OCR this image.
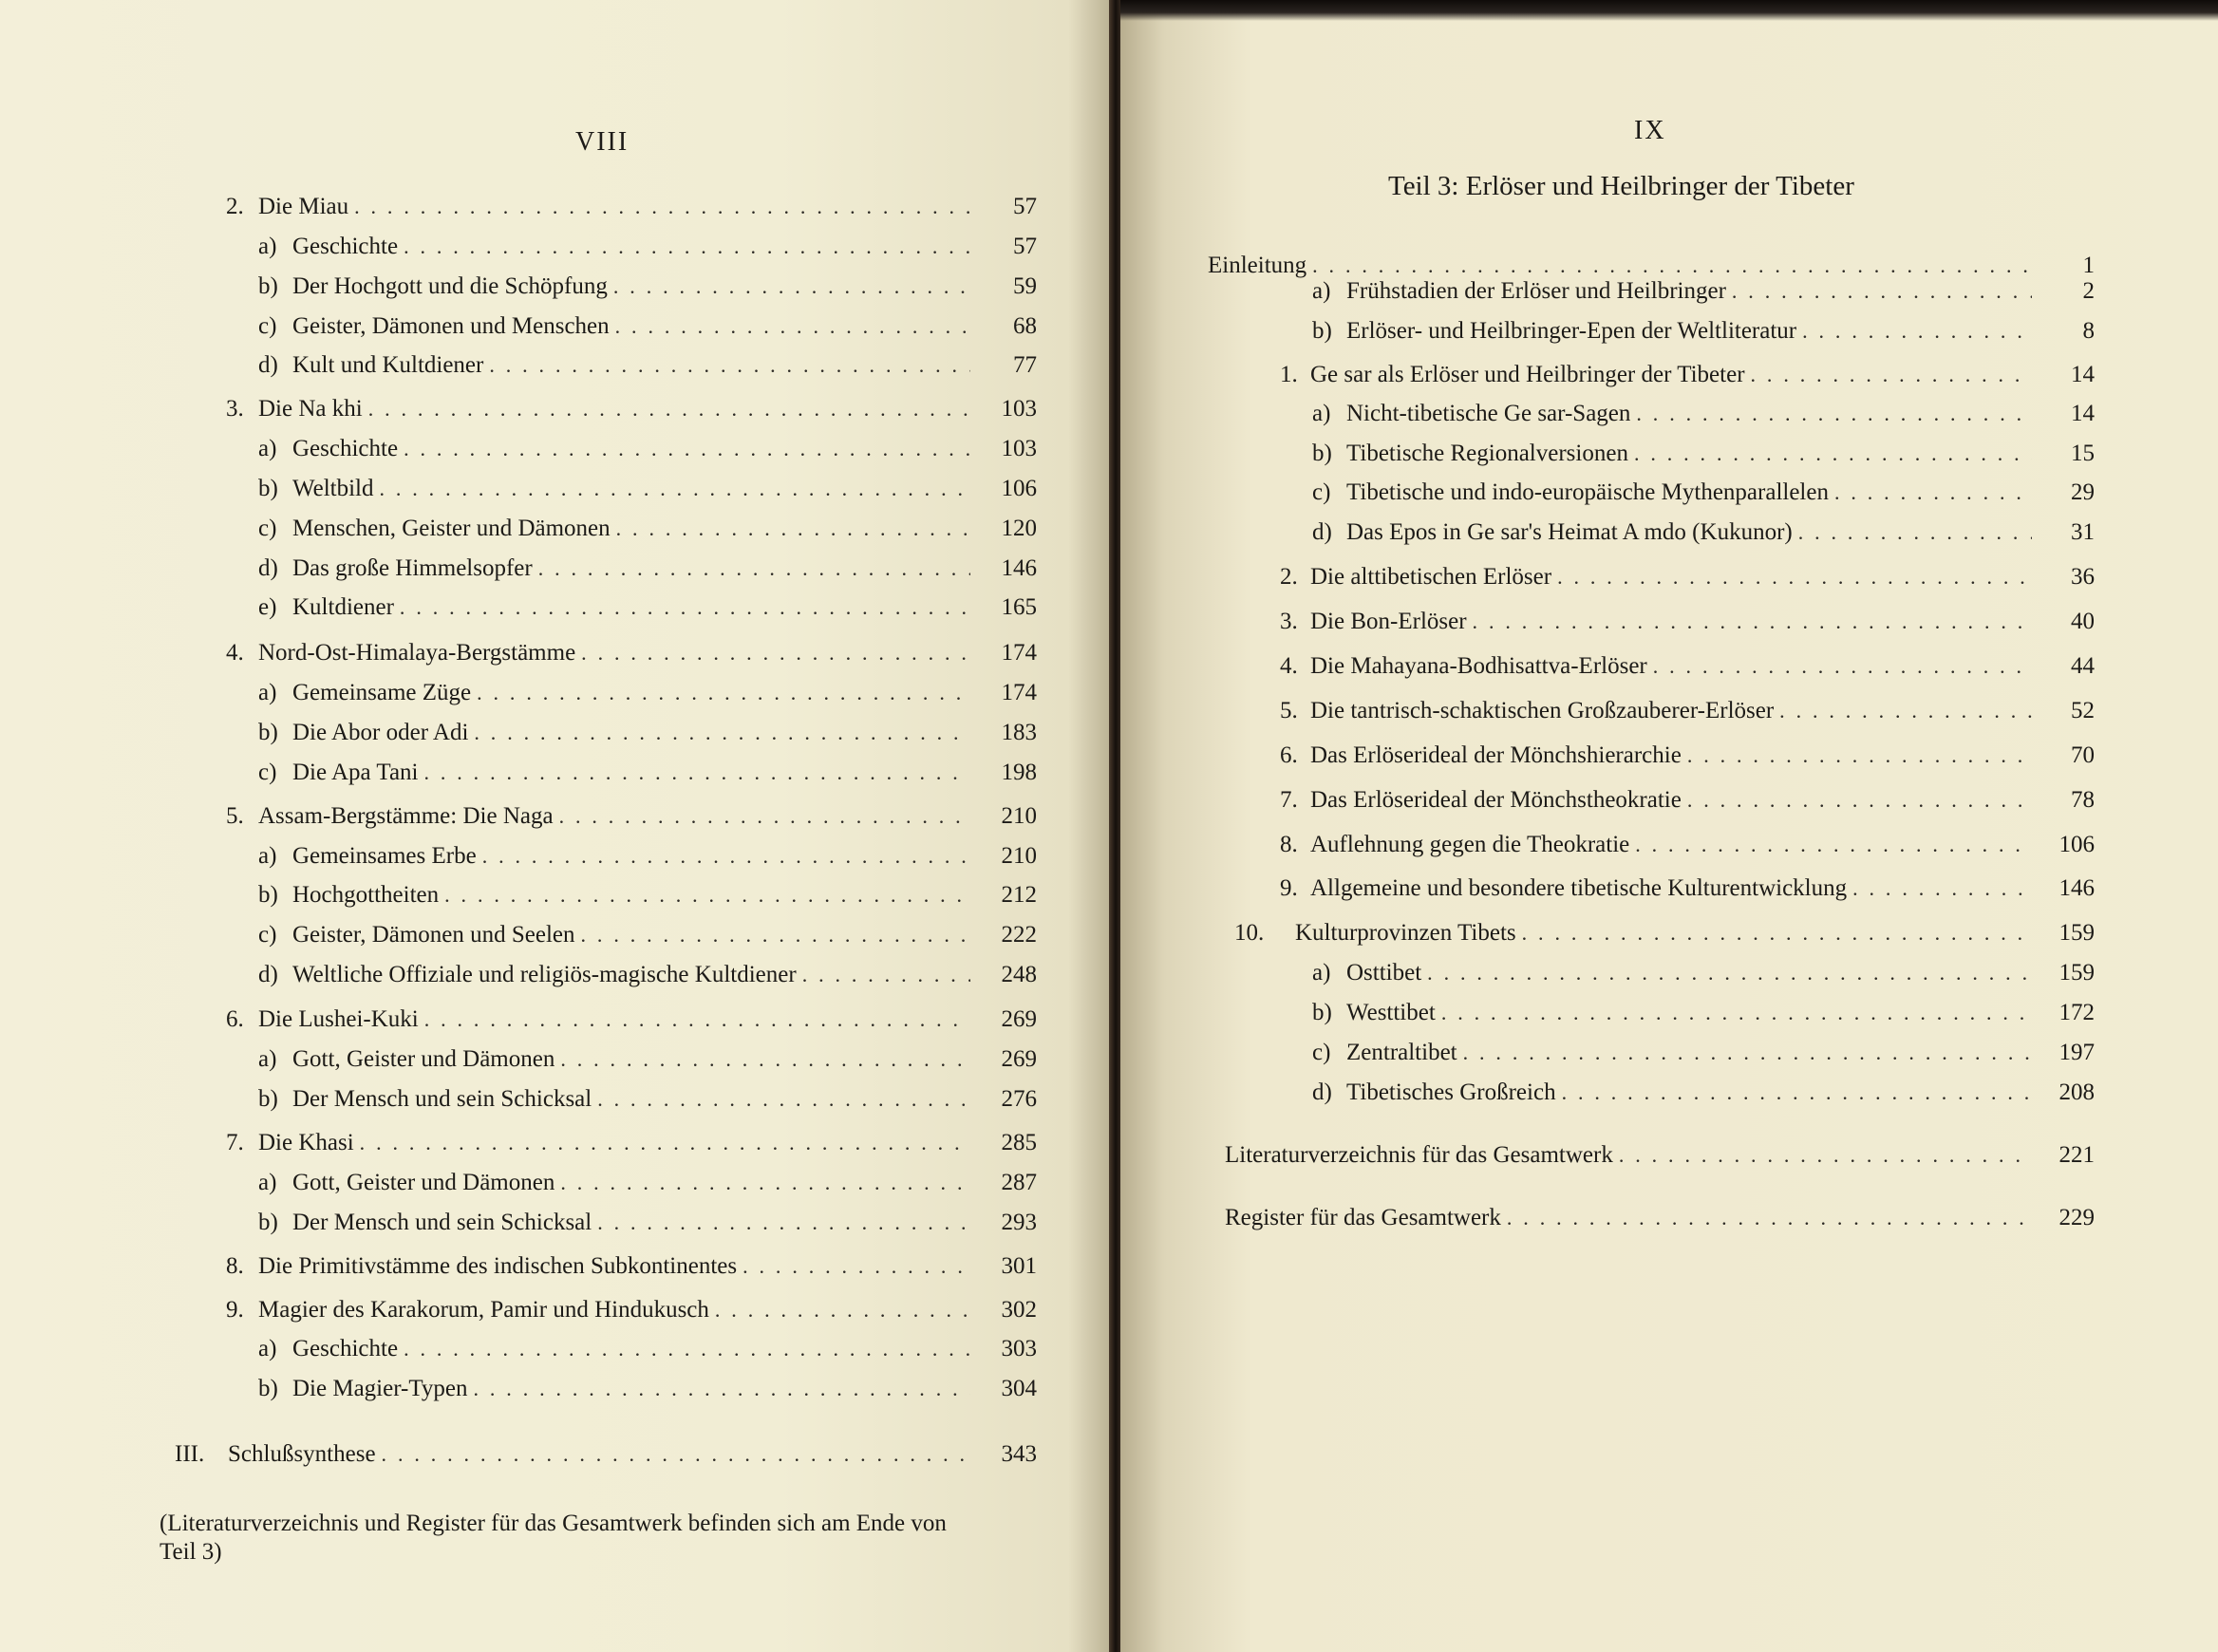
VIII
2. Die Miau . . .	57
a) Geschichte . . .	57
b) Der Hochgott und die Schöpfung . . .	59
c) Geister, Dämonen und Menschen . . .	68
d) Kult und Kultdiener . . .	77
3. Die Na khi . . .	103
a) Geschichte . . .	103
b) Weltbild . . .	106
c) Menschen, Geister und Dämonen . . .	120
d) Das große Himmelsopfer . . .	146
e) Kultdiener . . .	165
4. Nord-Ost-Himalaya-Bergstämme . . .	174
a) Gemeinsame Züge . . .	174
b) Die Abor oder Adi . . .	183
c) Die Apa Tani . . .	198
5. Assam-Bergstämme: Die Naga . . .	210
a) Gemeinsames Erbe . . .	210
b) Hochgottheiten . . .	212
c) Geister, Dämonen und Seelen . . .	222
d) Weltliche Offiziale und religiös-magische Kultdiener . . .	248
6. Die Lushei-Kuki . . .	269
a) Gott, Geister und Dämonen . . .	269
b) Der Mensch und sein Schicksal . . .	276
7. Die Khasi . . .	285
a) Gott, Geister und Dämonen . . .	287
b) Der Mensch und sein Schicksal . . .	293
8. Die Primitivstämme des indischen Subkontinentes . . .	301
9. Magier des Karakorum, Pamir und Hindukusch . . .	302
a) Geschichte . . .	303
b) Die Magier-Typen . . .	304
III. Schlußsynthese . . .	343
(Literaturverzeichnis und Register für das Gesamtwerk befinden sich am Ende von
Teil 3)
IX
Teil 3: Erlöser und Heilbringer der Tibeter
Einleitung . . .	1
a) Frühstadien der Erlöser und Heilbringer . . .	2
b) Erlöser- und Heilbringer-Epen der Weltliteratur . . .	8
1. Ge sar als Erlöser und Heilbringer der Tibeter . . .	14
a) Nicht-tibetische Ge sar-Sagen . . .	14
b) Tibetische Regionalversionen . . .	15
c) Tibetische und indo-europäische Mythenparallelen . . .	29
d) Das Epos in Ge sar's Heimat A mdo (Kukunor) . . .	31
2. Die alttibetischen Erlöser . . .	36
3. Die Bon-Erlöser . . .	40
4. Die Mahayana-Bodhisattva-Erlöser . . .	44
5. Die tantrisch-schaktischen Großzauberer-Erlöser . . .	52
6. Das Erlöserideal der Mönchshierarchie . . .	70
7. Das Erlöserideal der Mönchstheokratie . . .	78
8. Auflehnung gegen die Theokratie . . .	106
9. Allgemeine und besondere tibetische Kulturentwicklung . . .	146
10.	Kulturprovinzen Tibets . . .	159
a) Osttibet . . .	159
b) Westtibet . . .	172
c) Zentraltibet . . .	197
d) Tibetisches Großreich . . .	208
Literaturverzeichnis für das Gesamtwerk . . .	221
Register für das Gesamtwerk . . .	229
